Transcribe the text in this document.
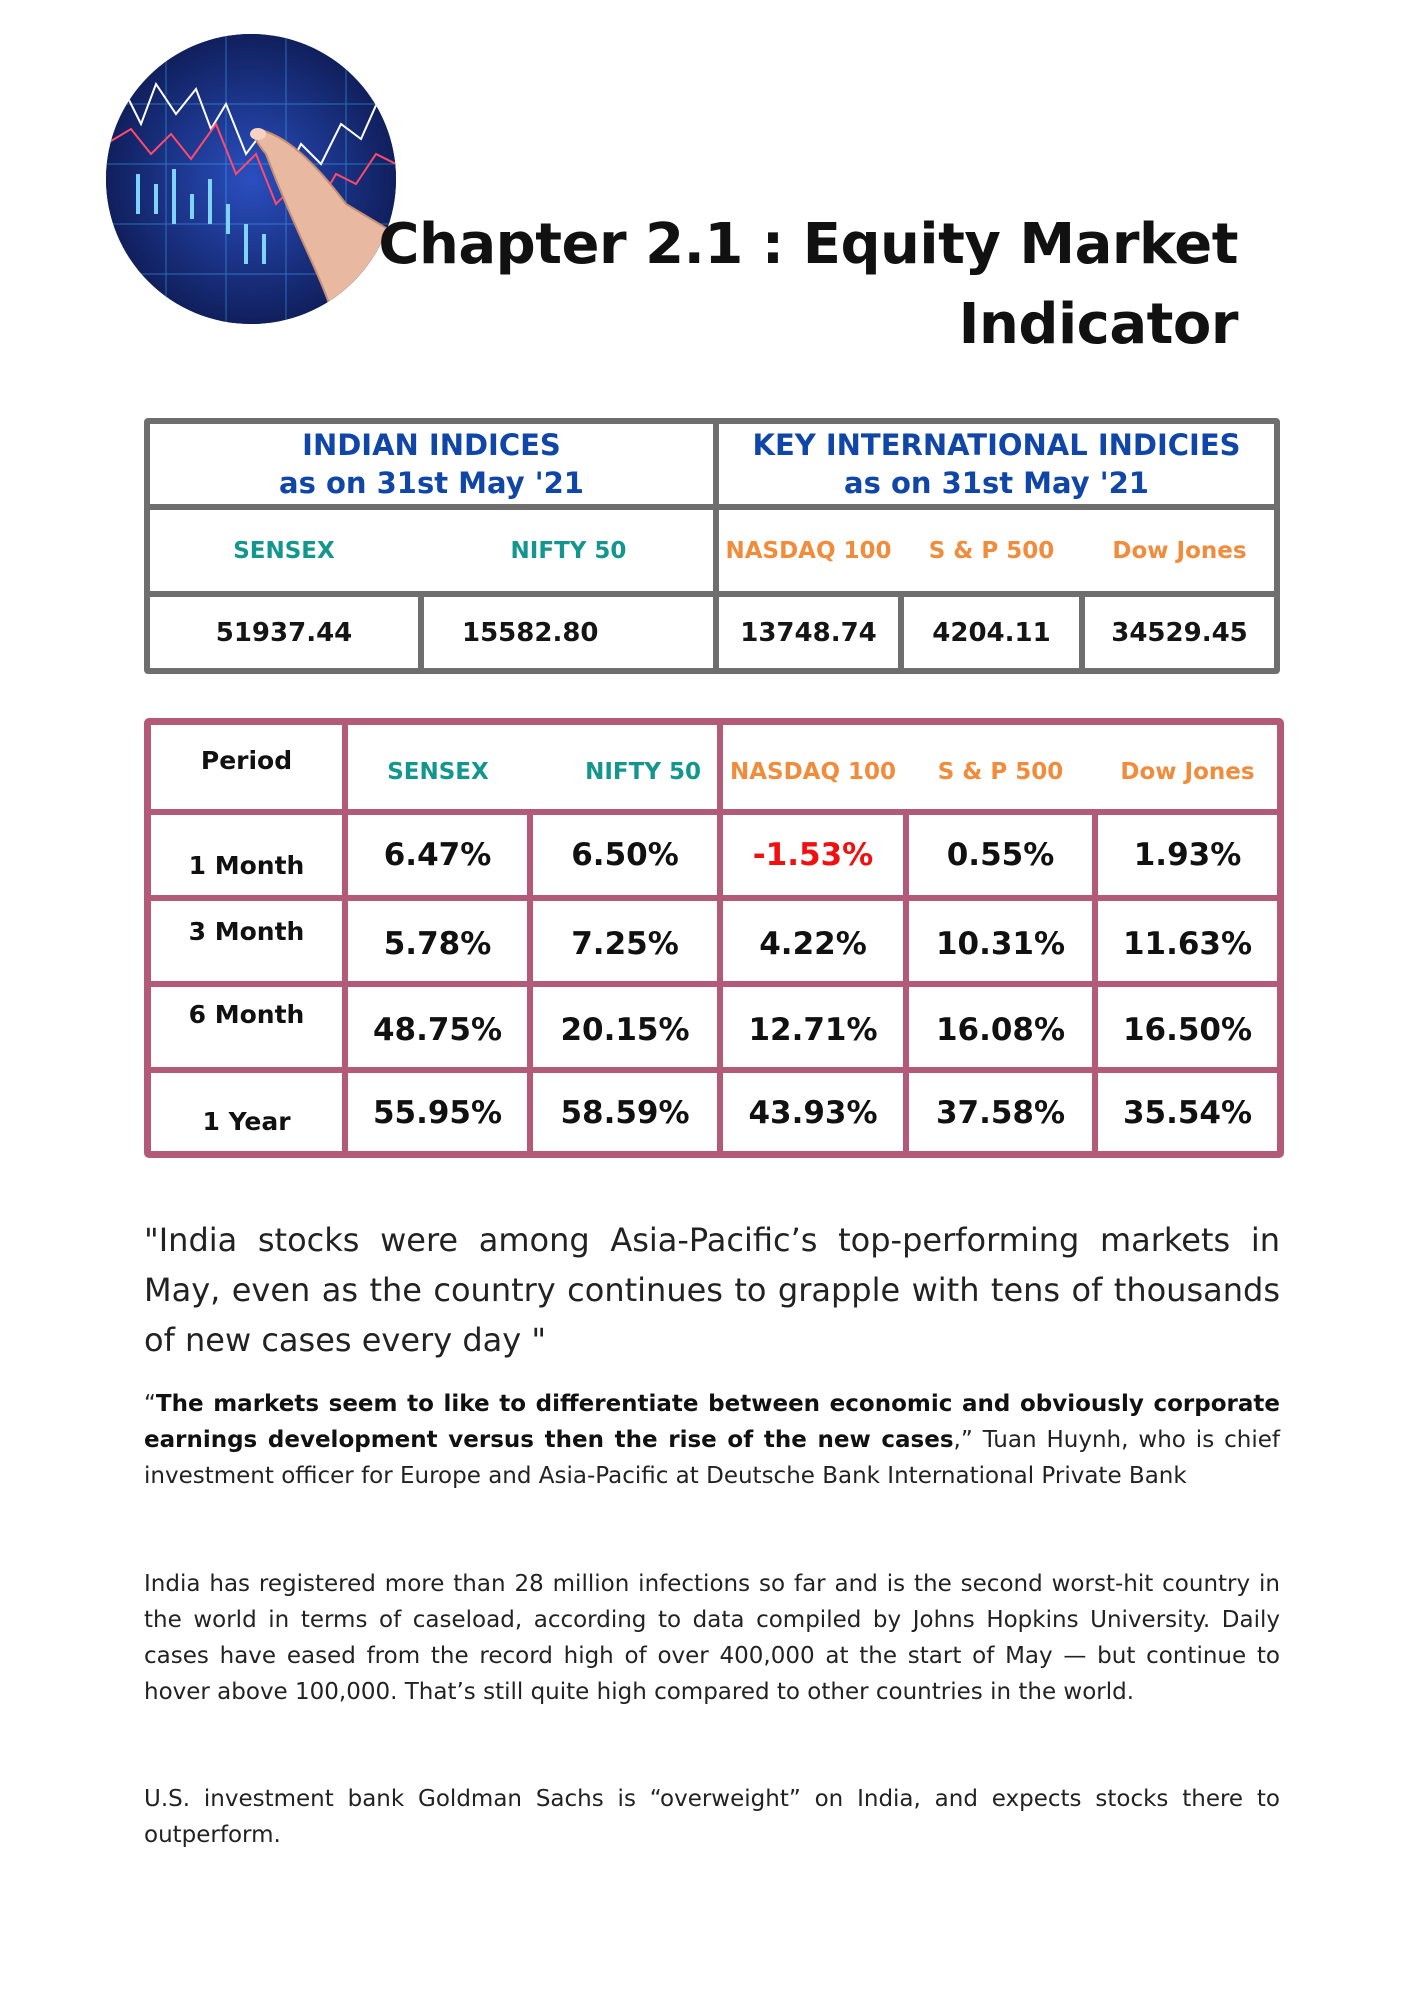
Chapter 2.1 : Equity Market
Indicator
INDIAN INDICES
as on 31st May '21
KEY INTERNATIONAL INDICIES
as on 31st May '21
SENSEX	NIFTY 50	NASDAQ 100	S & P 500	Dow Jones
51937.44	15582.80	13748.74	4204.11	34529.45
Period	SENSEX	NIFTY 50	NASDAQ 100	S & P 500	Dow Jones
1 Month	6.47%	6.50%	-1.53%	0.55%	1.93%
3 Month	5.78%	7.25%	4.22%	10.31%	11.63%
6 Month	48.75%	20.15%	12.71%	16.08%	16.50%
1 Year	55.95%	58.59%	43.93%	37.58%	35.54%
"India stocks were among Asia-Pacific’s top-performing markets in May, even as the country continues to grapple with tens of thousands of new cases every day "
“The markets seem to like to differentiate between economic and obviously corporate earnings development versus then the rise of the new cases,” Tuan Huynh, who is chief investment officer for Europe and Asia-Pacific at Deutsche Bank International Private Bank
India has registered more than 28 million infections so far and is the second worst-hit country in the world in terms of caseload, according to data compiled by Johns Hopkins University. Daily cases have eased from the record high of over 400,000 at the start of May — but continue to hover above 100,000. That’s still quite high compared to other countries in the world.
U.S. investment bank Goldman Sachs is “overweight” on India, and expects stocks there to outperform.
